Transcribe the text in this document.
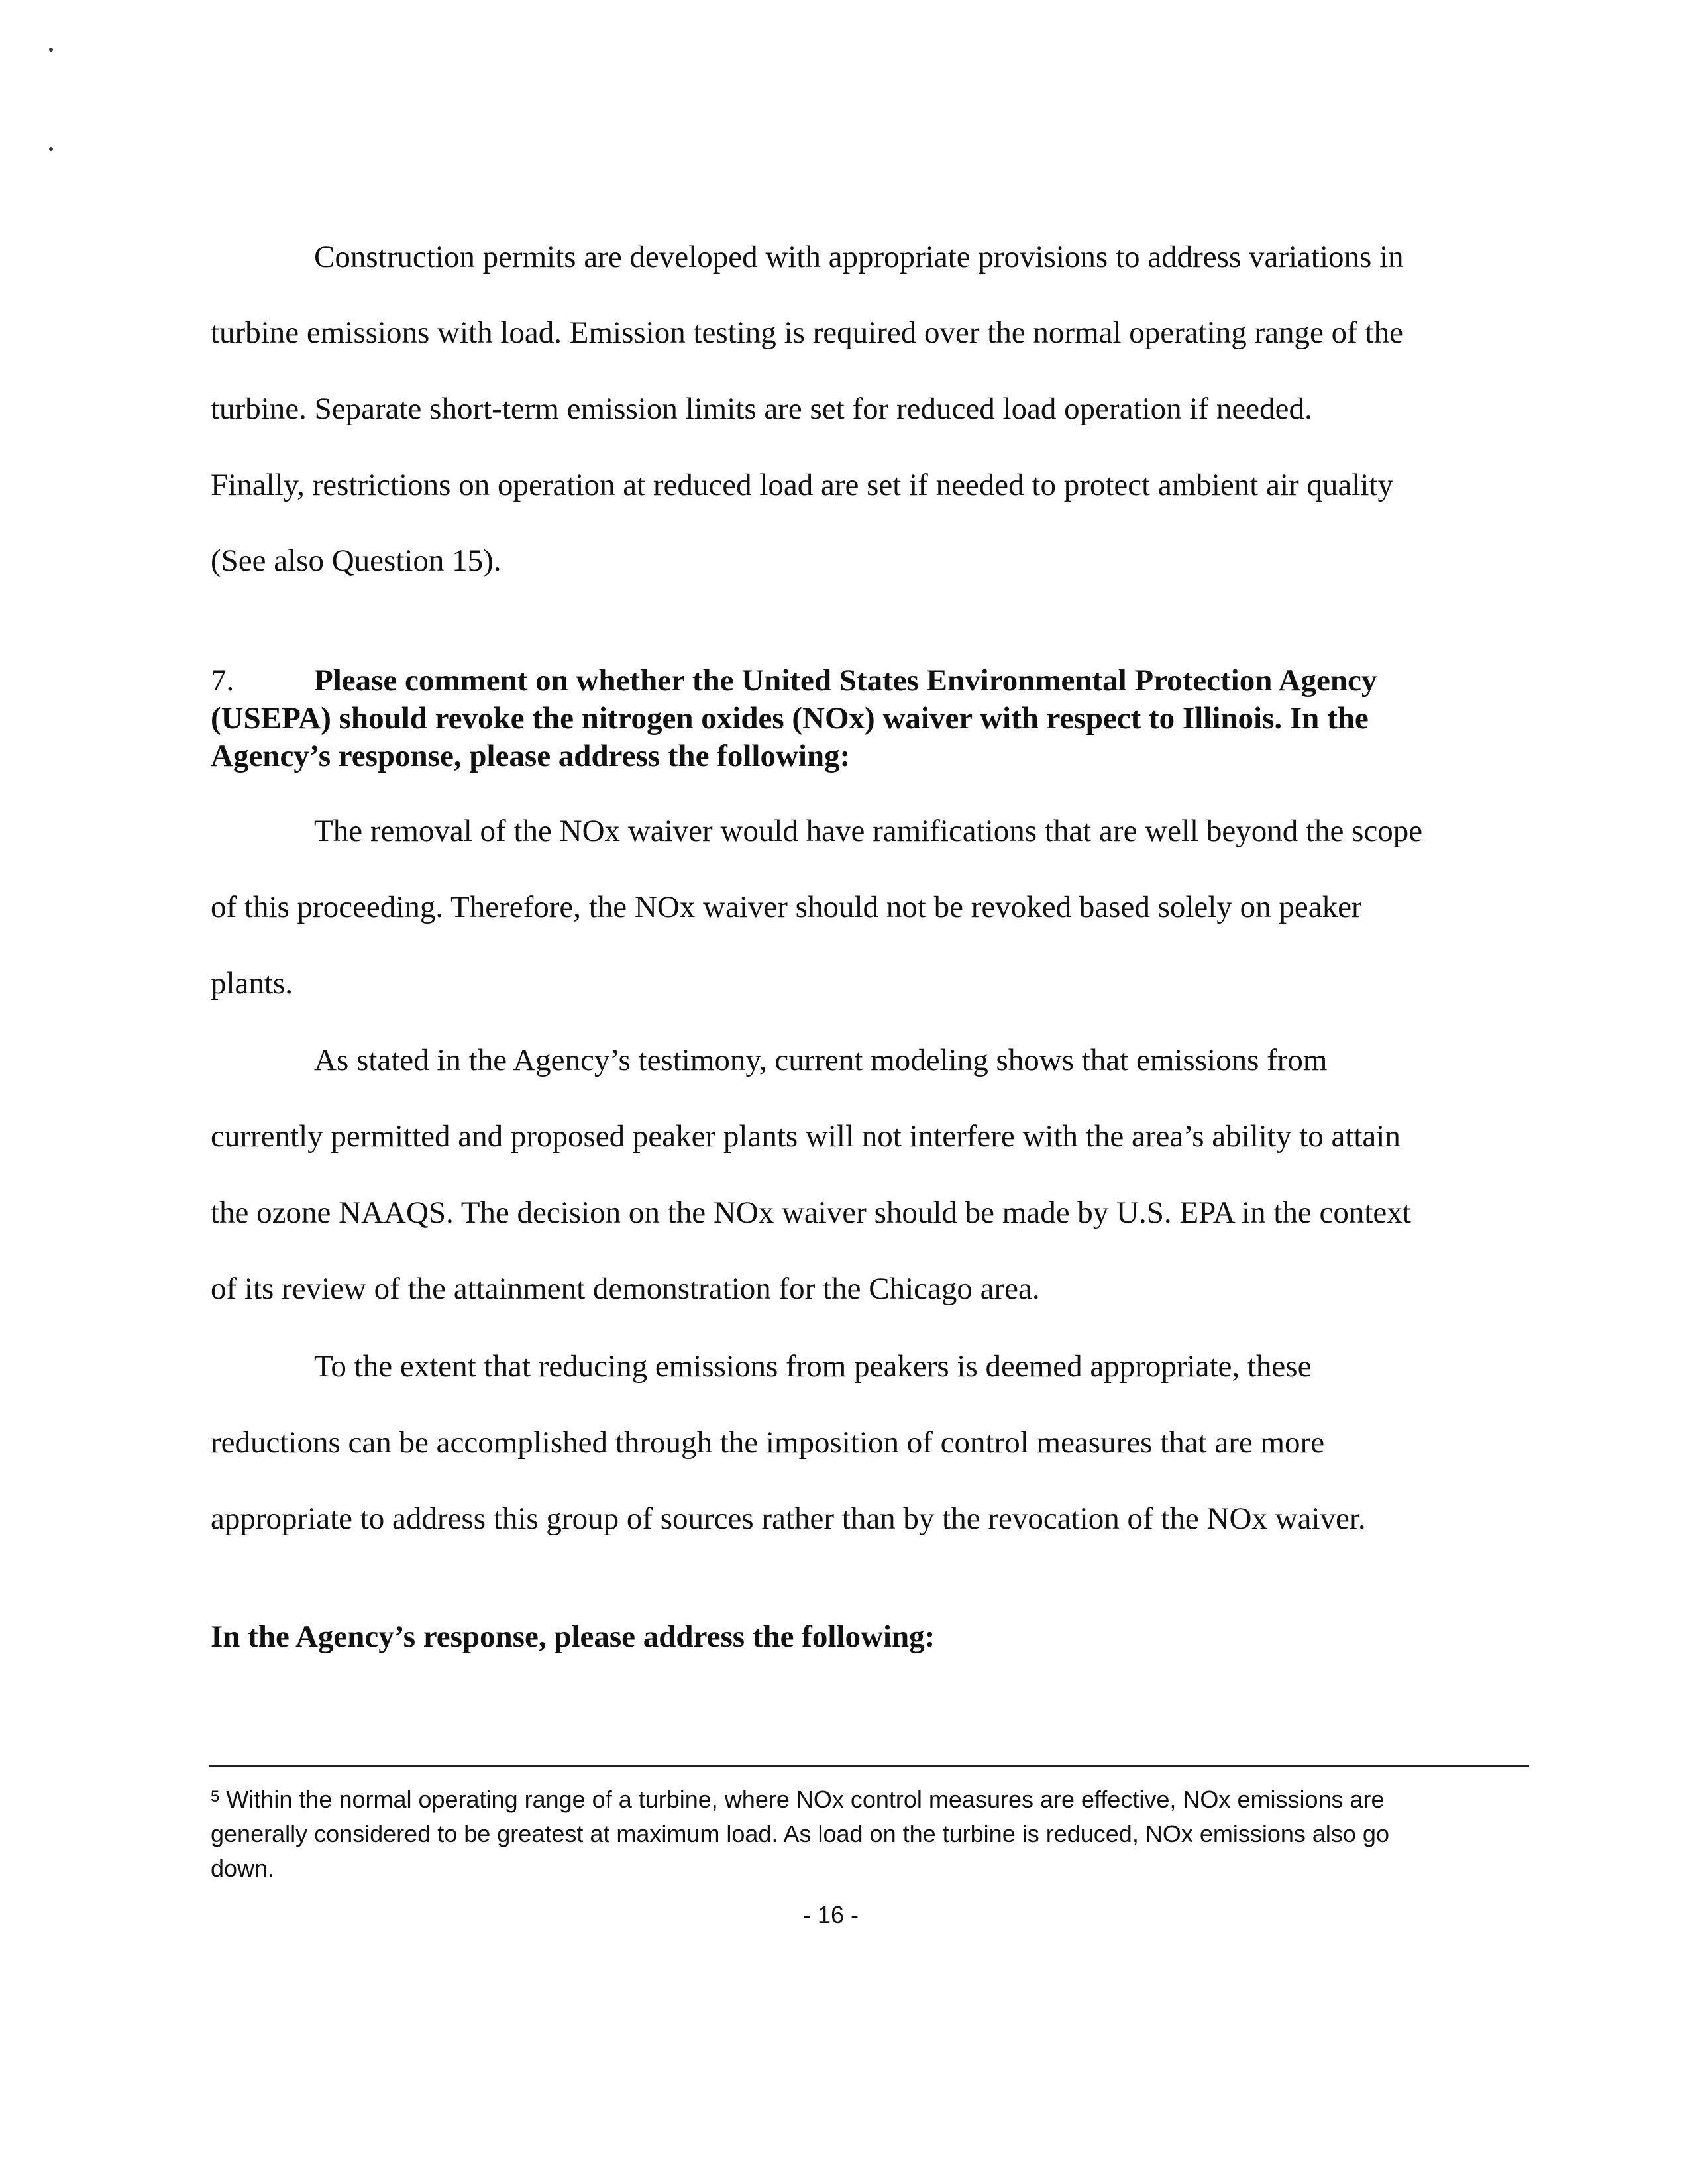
Construction permits are developed with appropriate provisions to address variations in
turbine emissions with load. Emission testing is required over the normal operating range of the
turbine. Separate short-term emission limits are set for reduced load operation if needed.
Finally, restrictions on operation at reduced load are set if needed to protect ambient air quality
(See also Question 15).
7.	Please comment on whether the United States Environmental Protection Agency
(USEPA) should revoke the nitrogen oxides (NOx) waiver with respect to Illinois. In the
Agency’s response, please address the following:
The removal of the NOx waiver would have ramifications that are well beyond the scope
of this proceeding. Therefore, the NOx waiver should not be revoked based solely on peaker
plants.
As stated in the Agency’s testimony, current modeling shows that emissions from
currently permitted and proposed peaker plants will not interfere with the area’s ability to attain
the ozone NAAQS. The decision on the NOx waiver should be made by U.S. EPA in the context
of its review of the attainment demonstration for the Chicago area.
To the extent that reducing emissions from peakers is deemed appropriate, these
reductions can be accomplished through the imposition of control measures that are more
appropriate to address this group of sources rather than by the revocation of the NOx waiver.
In the Agency’s response, please address the following:
$^5$ Within the normal operating range of a turbine, where NOx control measures are effective, NOx emissions are
generally considered to be greatest at maximum load. As load on the turbine is reduced, NOx emissions also go
down.
- 16 -
